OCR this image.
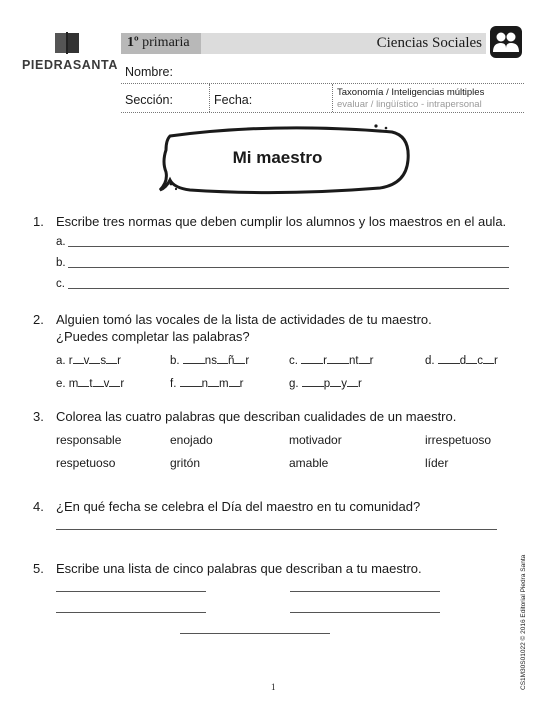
PIEDRASANTA
1º primaria	Ciencias Sociales
Nombre:
Sección:	Fecha:
Taxonomía / Inteligencias múltiples
evaluar / lingüístico - intrapersonal
Mi maestro
1. Escribe tres normas que deben cumplir los alumnos y los maestros en el aula.
a.
b.
c.
2. Alguien tomó las vocales de la lista de actividades de tu maestro.
¿Puedes completar las palabras?
a. r v s r	b. ns ñ r	c. r nt r	d. d c r
e. m t v r	f. n m r	g. p y r
3. Colorea las cuatro palabras que describan cualidades de un maestro.
responsable	enojado	motivador	irrespetuoso
respetuoso	gritón	amable	líder
4. ¿En qué fecha se celebra el Día del maestro en tu comunidad?
5. Escribe una lista de cinco palabras que describan a tu maestro.	CS1M30S01022 © 2016 Editorial Piedra Santa
1
